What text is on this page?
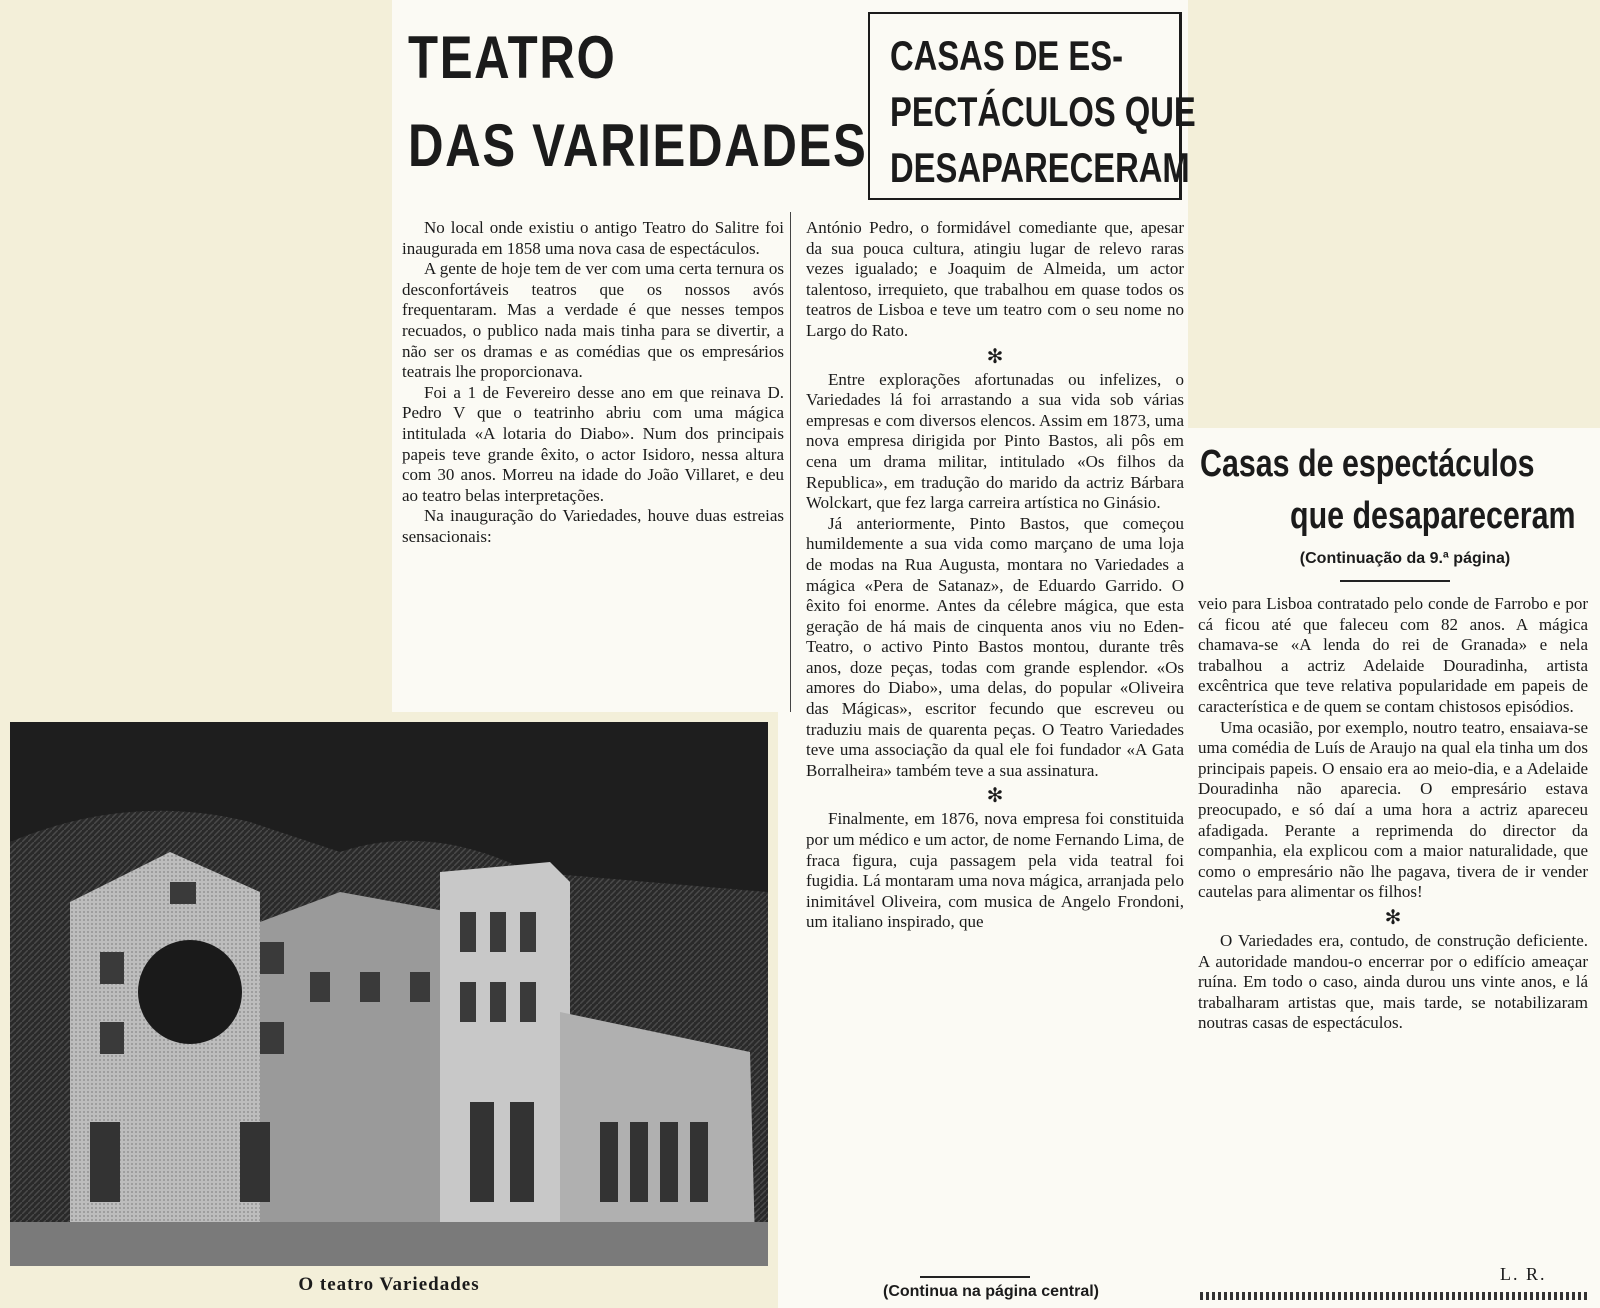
TEATRO
DAS VARIEDADES
CASAS DE ES-
PECTÁCULOS QUE
DESAPARECERAM

No local onde existiu o antigo Teatro do Salitre foi inaugurada em 1858 uma nova casa de espectáculos.

A gente de hoje tem de ver com uma certa ternura os desconfortáveis teatros que os nossos avós frequentaram. Mas a verdade é que nesses tempos recuados, o publico nada mais tinha para se divertir, a não ser os dramas e as comédias que os empresários teatrais lhe proporcionava.

Foi a 1 de Fevereiro desse ano em que reinava D. Pedro V que o teatrinho abriu com uma mágica intitulada «A lotaria do Diabo». Num dos principais papeis teve grande êxito, o actor Isidoro, nessa altura com 30 anos. Morreu na idade do João Villaret, e deu ao teatro belas interpretações.

Na inauguração do Variedades, houve duas estreias sensacionais:

António Pedro, o formidável comediante que, apesar da sua pouca cultura, atingiu lugar de relevo raras vezes igualado; e Joaquim de Almeida, um actor talentoso, irrequieto, que trabalhou em quase todos os teatros de Lisboa e teve um teatro com o seu nome no Largo do Rato.

✻

Entre explorações afortunadas ou infelizes, o Variedades lá foi arrastando a sua vida sob várias empresas e com diversos elencos. Assim em 1873, uma nova empresa dirigida por Pinto Bastos, ali pôs em cena um drama militar, intitulado «Os filhos da Republica», em tradução do marido da actriz Bárbara Wolckart, que fez larga carreira artística no Ginásio.

Já anteriormente, Pinto Bastos, que começou humildemente a sua vida como marçano de uma loja de modas na Rua Augusta, montara no Variedades a mágica «Pera de Satanaz», de Eduardo Garrido. O êxito foi enorme. Antes da célebre mágica, que esta geração de há mais de cinquenta anos viu no Eden-Teatro, o activo Pinto Bastos montou, durante três anos, doze peças, todas com grande esplendor. «Os amores do Diabo», uma delas, do popular «Oliveira das Mágicas», escritor fecundo que escreveu ou traduziu mais de quarenta peças. O Teatro Variedades teve uma associação da qual ele foi fundador «A Gata Borralheira» também teve a sua assinatura.

✻

Finalmente, em 1876, nova empresa foi constituida por um médico e um actor, de nome Fernando Lima, de fraca figura, cuja passagem pela vida teatral foi fugidia. Lá montaram uma nova mágica, arranjada pelo inimitável Oliveira, com musica de Angelo Frondoni, um italiano inspirado, que

(Continua na página central)
O teatro Variedades
Casas de espectáculos
que desapareceram
(Continuação da 9.ª página)

veio para Lisboa contratado pelo conde de Farrobo e por cá ficou até que faleceu com 82 anos. A mágica chamava-se «A lenda do rei de Granada» e nela trabalhou a actriz Adelaide Douradinha, artista excêntrica que teve relativa popularidade em papeis de característica e de quem se contam chistosos episódios.

Uma ocasião, por exemplo, noutro teatro, ensaiava-se uma comédia de Luís de Araujo na qual ela tinha um dos principais papeis. O ensaio era ao meio-dia, e a Adelaide Douradinha não aparecia. O empresário estava preocupado, e só daí a uma hora a actriz apareceu afadigada. Perante a reprimenda do director da companhia, ela explicou com a maior naturalidade, que como o empresário não lhe pagava, tivera de ir vender cautelas para alimentar os filhos!

✻

O Variedades era, contudo, de construção deficiente. A autoridade mandou-o encerrar por o edifício ameaçar ruína. Em todo o caso, ainda durou uns vinte anos, e lá trabalharam artistas que, mais tarde, se notabilizaram noutras casas de espectáculos.

L. R.
